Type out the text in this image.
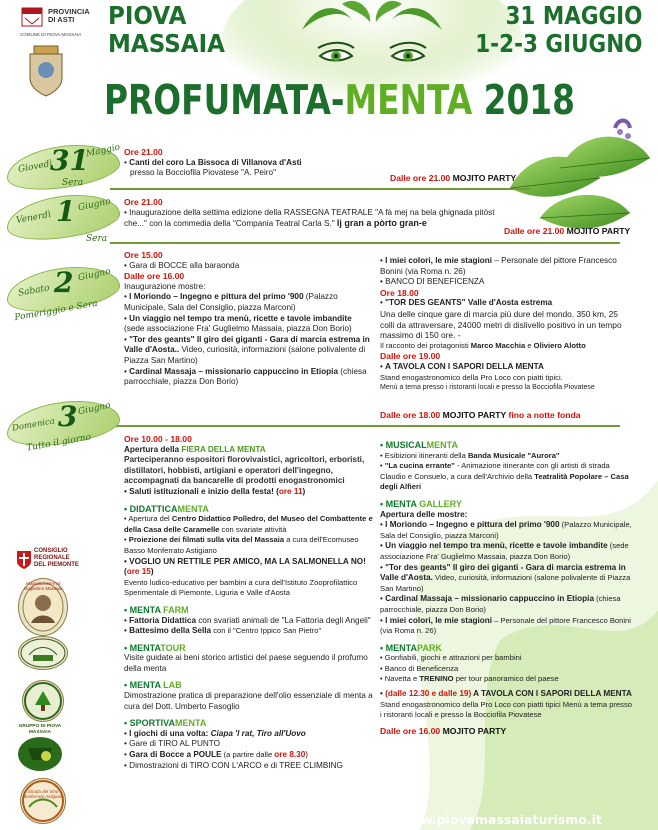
PROVINCIA
DI ASTI
COMUNE DI PIOVA MASSAIA
PIOVA
MASSAIA
31 MAGGIO
1-2-3 GIUGNO
PROFUMATA-MENTA 2018
Giovedì
31
Maggio
Sera
Ore 21.00
• Canti del coro La Bissoca di Villanova d'Asti
presso la Bocciofila Piovatese "A. Peiro"
Dalle ore 21.00 MOJITO PARTY
Venerdì 1 Giugno
Sera
Ore 21.00
• Inaugurazione della settima edizione della RASSEGNA TEATRALE "A fà mej na bela ghignada pitòst
che..." con la commedia della "Compania Teatral Carla S." Ij gran a pòrto gran-e
Dalle ore 21.00 MOJITO PARTY
Sabato 2 Giugno
Pomeriggio e Sera
Ore 15.00
• Gara di BOCCE alla baraonda
Dalle ore 16.00
Inaugurazione mostre:
• I Moriondo – Ingegno e pittura del primo '900 (Palazzo Municipale, Sala del Consiglio, piazza Marconi)
• Un viaggio nel tempo tra menù, ricette e tavole imbandite (sede associazione Fra' Guglielmo Massaia, piazza Don Borio)
• "Tor des geants" Il giro dei giganti - Gara di marcia estrema in Valle d'Aosta.. Video, curiosità, informazioni (salone polivalente di Piazza San Martino)
• Cardinal Massaja – missionario cappuccino in Etiopia (chiesa parrocchiale, piazza Don Borio)
• I miei colori, le mie stagioni – Personale del pittore Francesco Bonini (via Roma n. 26)
• BANCO DI BENEFICENZA
Ore 18.00
• "TOR DES GEANTS" Valle d'Aosta estrema
Una delle cinque gare di marcia più dure del mondo. 350 km, 25 colli da attraversare, 24000 metri di dislivello positivo in un tempo massimo di 150 ore. -
Il racconto dei protagonisti Marco Macchia e Oliviero Alotto
Dalle ore 19.00
• A TAVOLA CON I SAPORI DELLA MENTA
Stand enogastronomico della Pro Loco con piatti tipici.
Menù a tema presso i ristoranti locali e presso la Bocciofila Piovatese
Dalle ore 18.00 MOJITO PARTY fino a notte fonda
Domenica 3 Giugno
Tutto il giorno
CONSIGLIO
REGIONALE
DEL PIEMONTE
Associazione Fra' Guglielmo Massaia
GRUPPO DI PIOVA MASSAIA
Strada del Vino Monferrato Astigiano
Ore 10.00 - 18.00
Apertura della FIERA DELLA MENTA
Parteciperanno espositori florovivaistici, agricoltori, erboristi, distillatori, hobbisti, artigiani e operatori dell'ingegno, accompagnati da bancarelle di prodotti enogastronomici
• Saluti istituzionali e inizio della festa! (ore 11)
• DIDATTICAMENTA
• Apertura del Centro Didattico Polledro, del Museo del Combattente e della Casa delle Caramelle con svariate attività
• Proiezione dei filmati sulla vita del Massaia a cura dell'Ecomuseo Basso Monferrato Astigiano
• VOGLIO UN RETTILE PER AMICO, MA LA SALMONELLA NO! (ore 15)
Evento ludico-educativo per bambini a cura dell'Istituto Zooprofilattico Sperimentale di Piemonte, Liguria e Valle d'Aosta
• MENTA FARM
• Fattoria Didattica con svariati animali de "La Fattoria degli Angeli"
• Battesimo della Sella con il "Centro Ippico San Pietro"
• MENTATOUR
Visite guidate ai beni storico artistici del paese seguendo il profumo della menta
• MENTA LAB
Dimostrazione pratica di preparazione dell'olio essenziale di menta a cura del Dott. Umberto Fasoglio
• SPORTIVAMENTA
• I giochi di una volta: Ciapa 'l rat, Tiro all'Uovo
• Gare di TIRO AL PUNTO
• Gara di Bocce a POULE (a partire dalle ore 8.30)
• Dimostrazioni di TIRO CON L'ARCO e di TREE CLIMBING
• MUSICALMENTA
• Esibizioni itineranti della Banda Musicale "Aurora"
• "La cucina errante" - Animazione itinerante con gli artisti di strada Claudio e Consuelo, a cura dell'Archivio della Teatralità Popolare – Casa degli Alfieri
• MENTA GALLERY
Apertura delle mostre:
• I Moriondo – Ingegno e pittura del primo '900 (Palazzo Municipale, Sala del Consiglio, piazza Marconi)
• Un viaggio nel tempo tra menù, ricette e tavole imbandite (sede associazione Fra' Guglielmo Massaia, piazza Don Borio)
• "Tor des geants" Il giro dei giganti - Gara di marcia estrema in Valle d'Aosta. Video, curiosità, informazioni (salone polivalente di Piazza San Martino)
• Cardinal Massaja – missionario cappuccino in Etiopia (chiesa parrocchiale, piazza Don Borio)
• I miei colori, le mie stagioni – Personale del pittore Francesco Bonini (via Roma n. 26)
• MENTAPARK
• Gonfiabili, giochi e attrazioni per bambini
• Banco di Beneficenza
• Navetta e TRENINO per tour panoramico del paese
• (dalle 12.30 e dalle 19) A TAVOLA CON I SAPORI DELLA MENTA
Stand enogastronomico della Pro Loco con piatti tipici Menù a tema presso i ristoranti locali e presso la Bocciofila Piovatese
Dalle ore 16.00 MOJITO PARTY
www.piovamassaiaturismo.it
